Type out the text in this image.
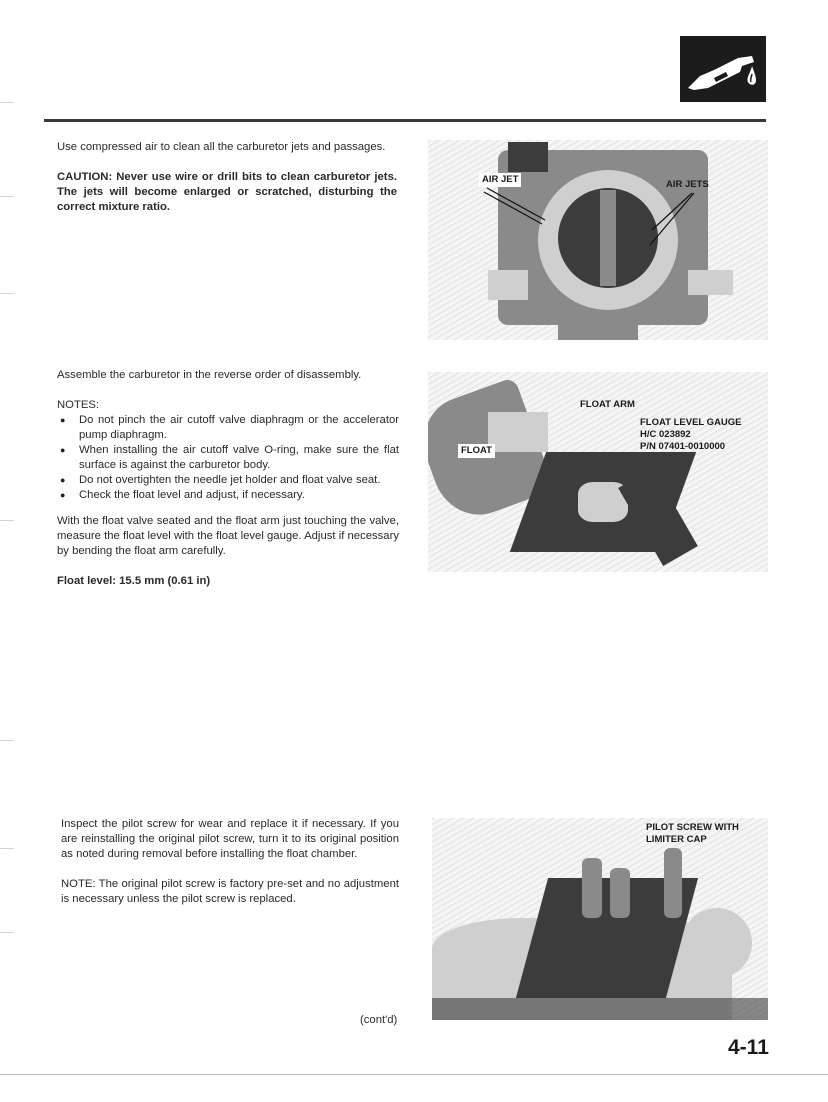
Use compressed air to clean all the carburetor jets and passages.

CAUTION: Never use wire or drill bits to clean carburetor jets. The jets will become enlarged or scratched, disturbing the correct mixture ratio.

AIR JET	AIR JETS

Assemble the carburetor in the reverse order of disassembly.

NOTES:

● Do not pinch the air cutoff valve diaphragm or the accelerator pump diaphragm.
● When installing the air cutoff valve O-ring, make sure the flat surface is against the carburetor body.
● Do not overtighten the needle jet holder and float valve seat.
● Check the float level and adjust, if necessary.

With the float valve seated and the float arm just touching the valve, measure the float level with the float level gauge. Adjust if necessary by bending the float arm carefully.

Float level: 15.5 mm (0.61 in)

FLOAT ARM
FLOAT
FLOAT LEVEL GAUGE
H/C 023892
P/N 07401-0010000

Inspect the pilot screw for wear and replace it if necessary. If you are reinstalling the original pilot screw, turn it to its original position as noted during removal before installing the float chamber.

NOTE: The original pilot screw is factory pre-set and no adjustment is necessary unless the pilot screw is replaced.

PILOT SCREW WITH
LIMITER CAP
(cont'd)
4-11
